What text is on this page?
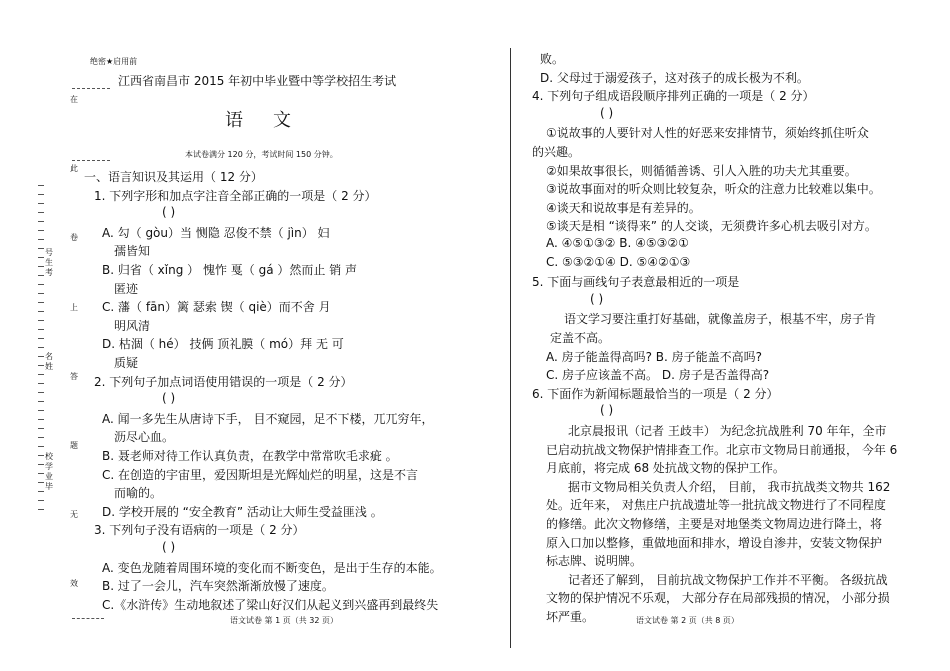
绝密★启用前
江西省南昌市 2015 年初中毕业暨中等学校招生考试
语文
本试卷满分 120 分，考试时间 150 分钟。
号生考
名姓
校学业毕
在
此
卷
上
答
题
无
效
一、语言知识及其运用（ 12 分）
1. 下列字形和加点字注音全部正确的一项是（ 2 分）
( )
A. 勾（ gòu）当 恻隐 忍俊不禁（ jìn） 妇
孺皆知
B. 归省（ xǐng ） 愧怍 戛（ gá ）然而止 销 声
匿迹
C. 藩（ fān）篱 瑟索 锲（ qiè）而不舍 月
明风清
D. 枯涸（ hé） 技俩 顶礼膜（ mó）拜 无 可
质疑
2. 下列句子加点词语使用错误的一项是（ 2 分）
( )
A. 闻一多先生从唐诗下手， 目不窥园，足不下楼，兀兀穷年，
沥尽心血。
B. 聂老师对待工作认真负责，在教学中常常吹毛求疵 。
C. 在创造的宇宙里，爱因斯坦是光辉灿烂的明星，这是不言
而喻的。
D. 学校开展的 “安全教育” 活动让大师生受益匪浅 。
3. 下列句子没有语病的一项是（ 2 分）
( )
A. 变色龙随着周围环境的变化而不断变色，是出于生存的本能。
B. 过了一会儿，汽车突然渐渐放慢了速度。
C.《水浒传》生动地叙述了梁山好汉们从起义到兴盛再到最终失
败。
D. 父母过于溺爱孩子，这对孩子的成长极为不利。
4. 下列句子组成语段顺序排列正确的一项是（ 2 分）
( )
①说故事的人要针对人性的好恶来安排情节，须始终抓住听众
的兴趣。
②如果故事很长，则循循善诱、引人入胜的功夫尤其重要。
③说故事面对的听众则比较复杂，听众的注意力比较难以集中。
④谈天和说故事是有差异的。
⑤谈天是相 “谈得来” 的人交谈，无须费许多心机去吸引对方。
A. ④⑤①③② B. ④⑤③②①
C. ⑤③②①④ D. ⑤④②①③
5. 下面与画线句子表意最相近的一项是
( )
语文学习要注重打好基础，就像盖房子，根基不牢，房子肯
定盖不高。
A. 房子能盖得高吗? B. 房子能盖不高吗?
C. 房子应该盖不高。 D. 房子是否盖得高?
6. 下面作为新闻标题最恰当的一项是（ 2 分）
( )
北京晨报讯（记者 王歧丰） 为纪念抗战胜利 70 年年，全市
已启动抗战文物保护情排查工作。北京市文物局日前通报， 今年 6
月底前，将完成 68 处抗战文物的保护工作。
据市文物局相关负责人介绍， 目前， 我市抗战类文物共 162
处。近年来， 对焦庄户抗战遗址等一批抗战文物进行了不同程度
的修缮。此次文物修缮，主要是对地堡类文物周边进行降土，将
原入口加以整修，重做地面和排水，增设自渗井，安装文物保护
标志牌、说明牌。
记者还了解到， 目前抗战文物保护工作并不平衡。 各级抗战
文物的保护情况不乐观， 大部分存在局部残损的情况， 小部分损
坏严重。
语文试卷 第 1 页（共 32 页）	语文试卷 第 2 页（共 8 页）
